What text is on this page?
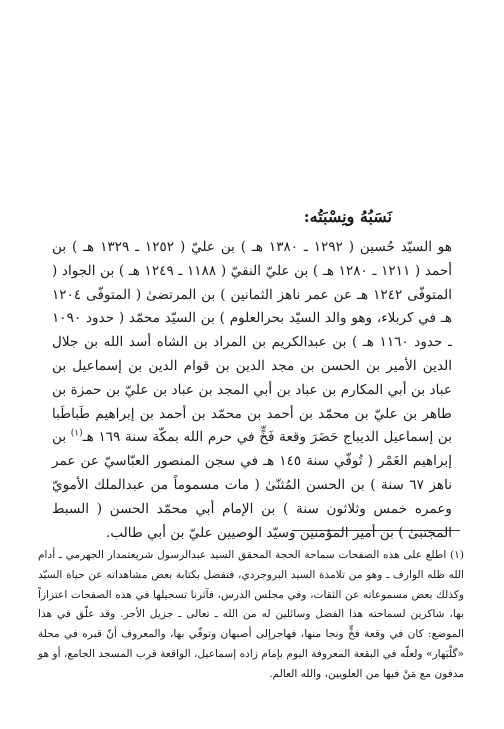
نَسَبُهُ ونِسْبَتُه:

هو السيّد حُسين ( ١٢٩٢ ـ ١٣٨٠ هـ ) بن عليّ ( ١٢٥٢ ـ ١٣٢٩ هـ ) بن أحمد ( ١٢١١ ـ ١٢٨٠ هـ ) بن عليّ النقيّ ( ١١٨٨ ـ ١٢٤٩ هـ ) بن الجواد ( المتوفّى ١٢٤٢ هـ عن عمر ناهز الثمانين ) بن المرتضىٰ ( المتوفّى ١٢٠٤ هـ في كربلاء، وهو والد السيّد بحرالعلوم ) بن السيّد محمّد ( حدود ١٠٩٠ ـ حدود ١١٦٠ هـ ) بن عبدالكريم بن المراد بن الشاه أسد الله بن جلال الدين الأمير بن الحسن بن مجد الدين بن قوام الدين بن إسماعيل بن عباد بن أبي المكارم بن عباد بن أبي المجد بن عباد بن عليّ بن حمزة بن طاهر بن عليّ بن محمّد بن أحمد بن محمّد بن أحمد بن إبراهيم طَباطَبا بن إسماعيل الديباج حَضَرَ وقعة فَخٍّ في حرم الله بمكّة سنة ١٦٩ هـ$^{(١)}$ بن إبراهيم الغَمْر ( تُوفّي سنة ١٤٥ هـ في سجن المنصور العبّاسيّ عن عمر ناهز ٦٧ سنة ) بن الحسن المُثنّىٰ ( مات مسموماً من عبدالملك الأمويّ وعمره خمس وثلاثون سنة ) بن الإمام أبي محمّد الحسن ( السبط المجتبىٰ ) بن أمير المؤمنين وسيّد الوصيين عليّ بن أبي طالب.

(١) اطلع على هذه الصفحات سماحة الحجة المحقق السيد عبدالرسول شريعتمدار الجهرمي ـ أدام الله ظله الوارف ـ وهو من تلامذة السيد البروجردي، فتفضل بكتابة بعض مشاهداته عن حياة السيّد وكذلك بعض مسموعاته عن الثقات، وفي مجلس الدرس، فآثرنا تسجيلها في هذه الصفحات اعتزازاً بها، شاكرين لسماحته هذا الفضل وسائلين له من الله ـ تعالى ـ جزيل الأجر. وقد علّق في هذا الموضع: كان في وقعة فخٍّ ونجا منها، فهاجرإلى أصبهان وتوفّي بها، والمعروف أنّ قبره في محلة «گلْبَهار» ولعلّه في البقعة المعروفة اليوم بإمام زاده إسماعيل، الواقعة قرب المسجد الجامع، أو هو مدفون مع مَنْ فيها من العلويين، والله العالم.
